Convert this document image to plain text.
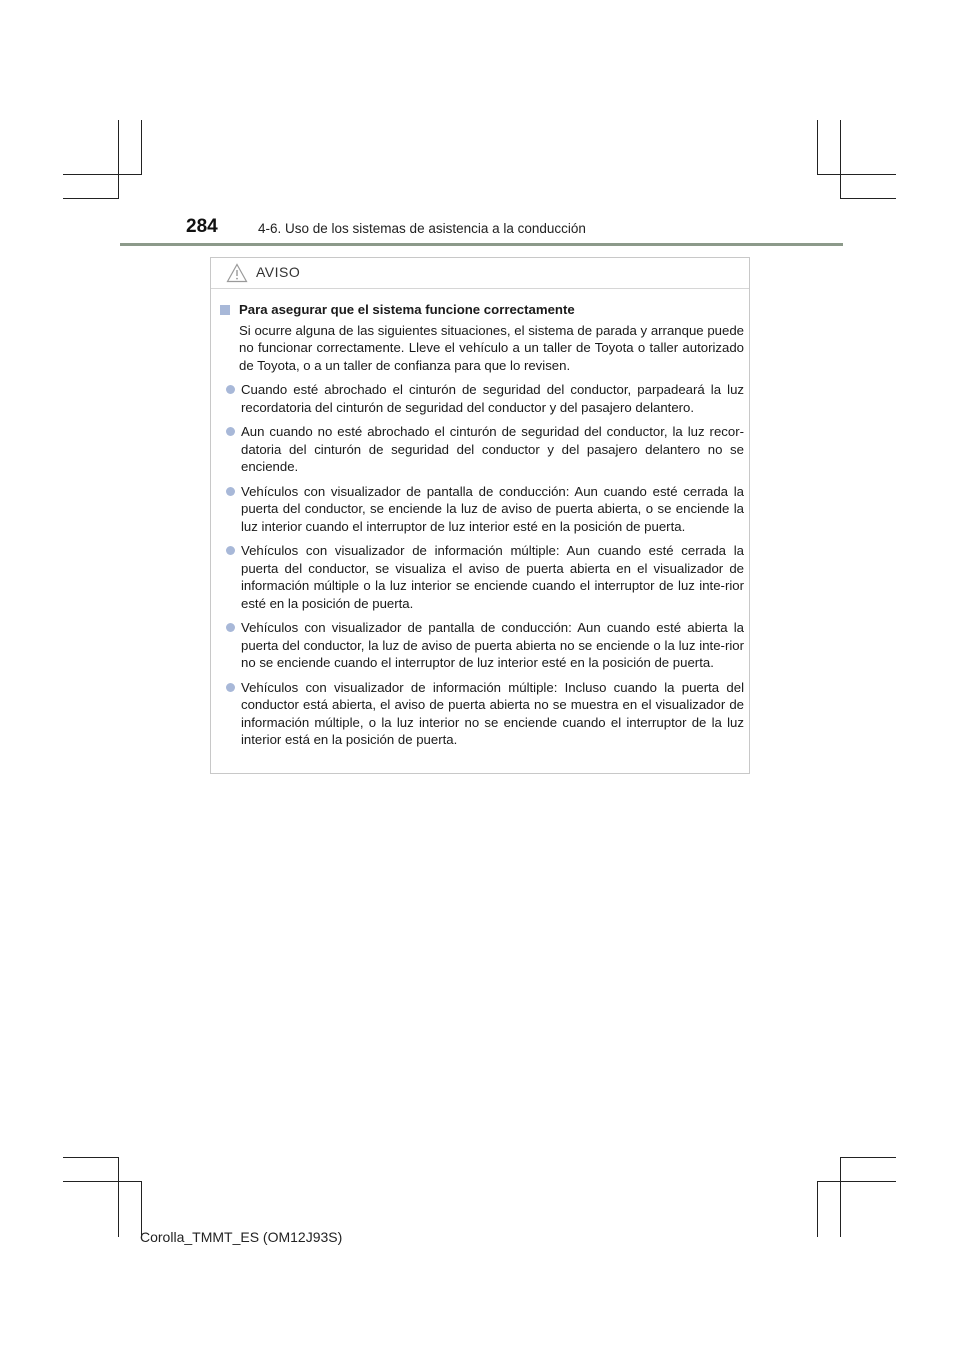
284	4-6. Uso de los sistemas de asistencia a la conducción
AVISO
Para asegurar que el sistema funcione correctamente
Si ocurre alguna de las siguientes situaciones, el sistema de parada y arranque puede no funcionar correctamente. Lleve el vehículo a un taller de Toyota o taller autorizado de Toyota, o a un taller de confianza para que lo revisen.
Cuando esté abrochado el cinturón de seguridad del conductor, parpadeará la luz recordatoria del cinturón de seguridad del conductor y del pasajero delantero.
Aun cuando no esté abrochado el cinturón de seguridad del conductor, la luz recor-datoria del cinturón de seguridad del conductor y del pasajero delantero no se enciende.
Vehículos con visualizador de pantalla de conducción: Aun cuando esté cerrada la puerta del conductor, se enciende la luz de aviso de puerta abierta, o se enciende la luz interior cuando el interruptor de luz interior esté en la posición de puerta.
Vehículos con visualizador de información múltiple: Aun cuando esté cerrada la puerta del conductor, se visualiza el aviso de puerta abierta en el visualizador de información múltiple o la luz interior se enciende cuando el interruptor de luz inte-rior esté en la posición de puerta.
Vehículos con visualizador de pantalla de conducción: Aun cuando esté abierta la puerta del conductor, la luz de aviso de puerta abierta no se enciende o la luz inte-rior no se enciende cuando el interruptor de luz interior esté en la posición de puerta.
Vehículos con visualizador de información múltiple: Incluso cuando la puerta del conductor está abierta, el aviso de puerta abierta no se muestra en el visualizador de información múltiple, o la luz interior no se enciende cuando el interruptor de la luz interior está en la posición de puerta.
Corolla_TMMT_ES (OM12J93S)
